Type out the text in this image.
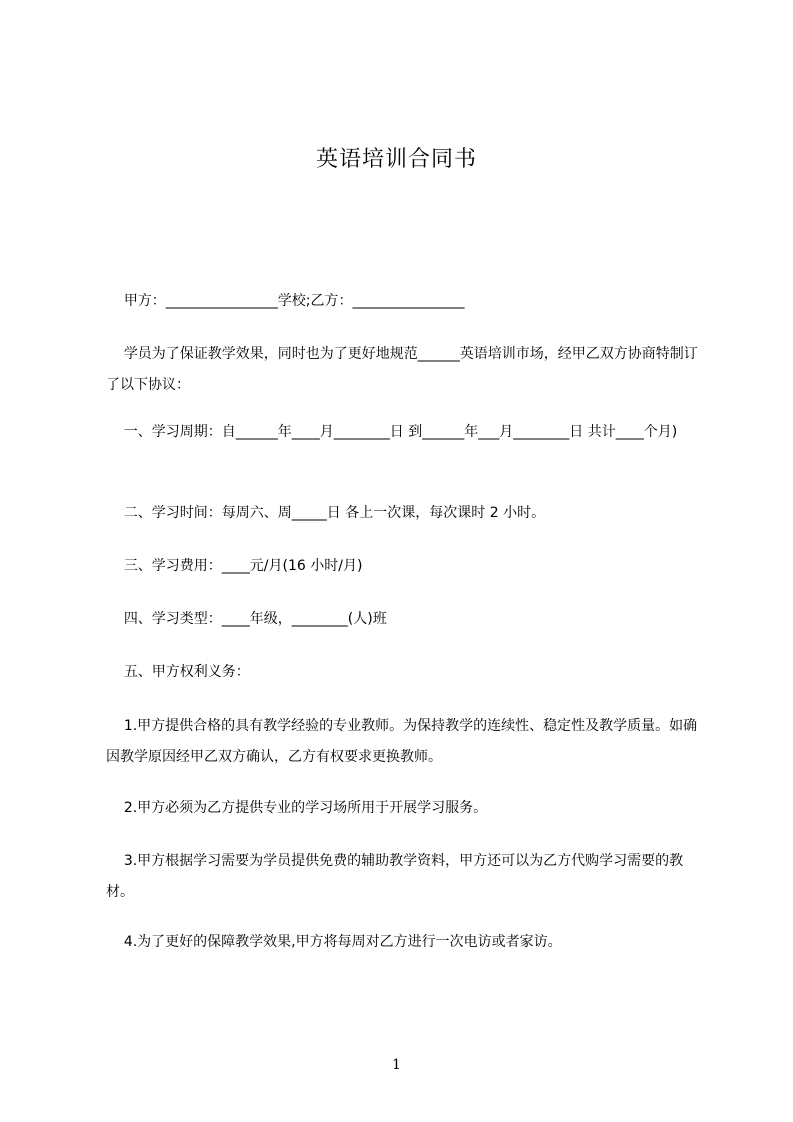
英语培训合同书
甲方：________________学校;乙方：________________
学员为了保证教学效果，同时也为了更好地规范______英语培训市场，经甲乙双方协商特制订了以下协议：
一、学习周期：自______年____月________日 到______年___月________日 共计____个月)
二、学习时间：每周六、周_____日 各上一次课，每次课时 2 小时。
三、学习费用：____元/月(16 小时/月)
四、学习类型：____年级，________(人)班
五、甲方权利义务：
1.甲方提供合格的具有教学经验的专业教师。为保持教学的连续性、稳定性及教学质量。如确因教学原因经甲乙双方确认，乙方有权要求更换教师。
2.甲方必须为乙方提供专业的学习场所用于开展学习服务。
3.甲方根据学习需要为学员提供免费的辅助教学资料，甲方还可以为乙方代购学习需要的教材。
4.为了更好的保障教学效果,甲方将每周对乙方进行一次电访或者家访。
1
